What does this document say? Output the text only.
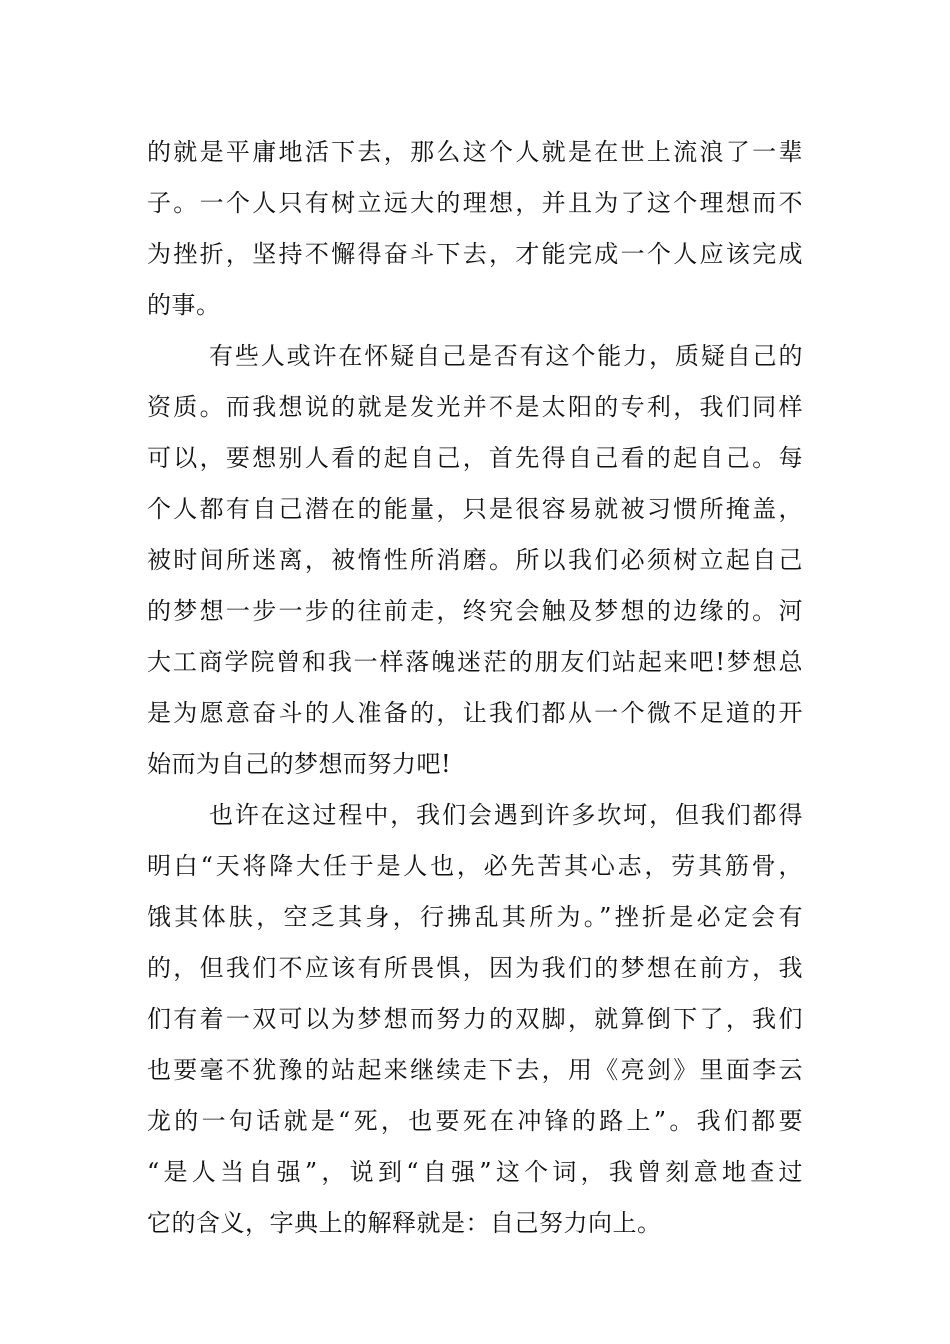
的就是平庸地活下去，那么这个人就是在世上流浪了一辈
子。一个人只有树立远大的理想，并且为了这个理想而不
为挫折，坚持不懈得奋斗下去，才能完成一个人应该完成
的事。
有些人或许在怀疑自己是否有这个能力，质疑自己的
资质。而我想说的就是发光并不是太阳的专利，我们同样
可以，要想别人看的起自己，首先得自己看的起自己。每
个人都有自己潜在的能量，只是很容易就被习惯所掩盖，
被时间所迷离，被惰性所消磨。所以我们必须树立起自己
的梦想一步一步的往前走，终究会触及梦想的边缘的。河
大工商学院曾和我一样落魄迷茫的朋友们站起来吧!梦想总
是为愿意奋斗的人准备的，让我们都从一个微不足道的开
始而为自己的梦想而努力吧!
也许在这过程中，我们会遇到许多坎坷，但我们都得
明白“天将降大任于是人也，必先苦其心志，劳其筋骨，
饿其体肤，空乏其身，行拂乱其所为。”挫折是必定会有
的，但我们不应该有所畏惧，因为我们的梦想在前方，我
们有着一双可以为梦想而努力的双脚，就算倒下了，我们
也要毫不犹豫的站起来继续走下去，用《亮剑》里面李云
龙的一句话就是“死，也要死在冲锋的路上”。我们都要
“是人当自强”，说到“自强”这个词，我曾刻意地查过
它的含义，字典上的解释就是：自己努力向上。
